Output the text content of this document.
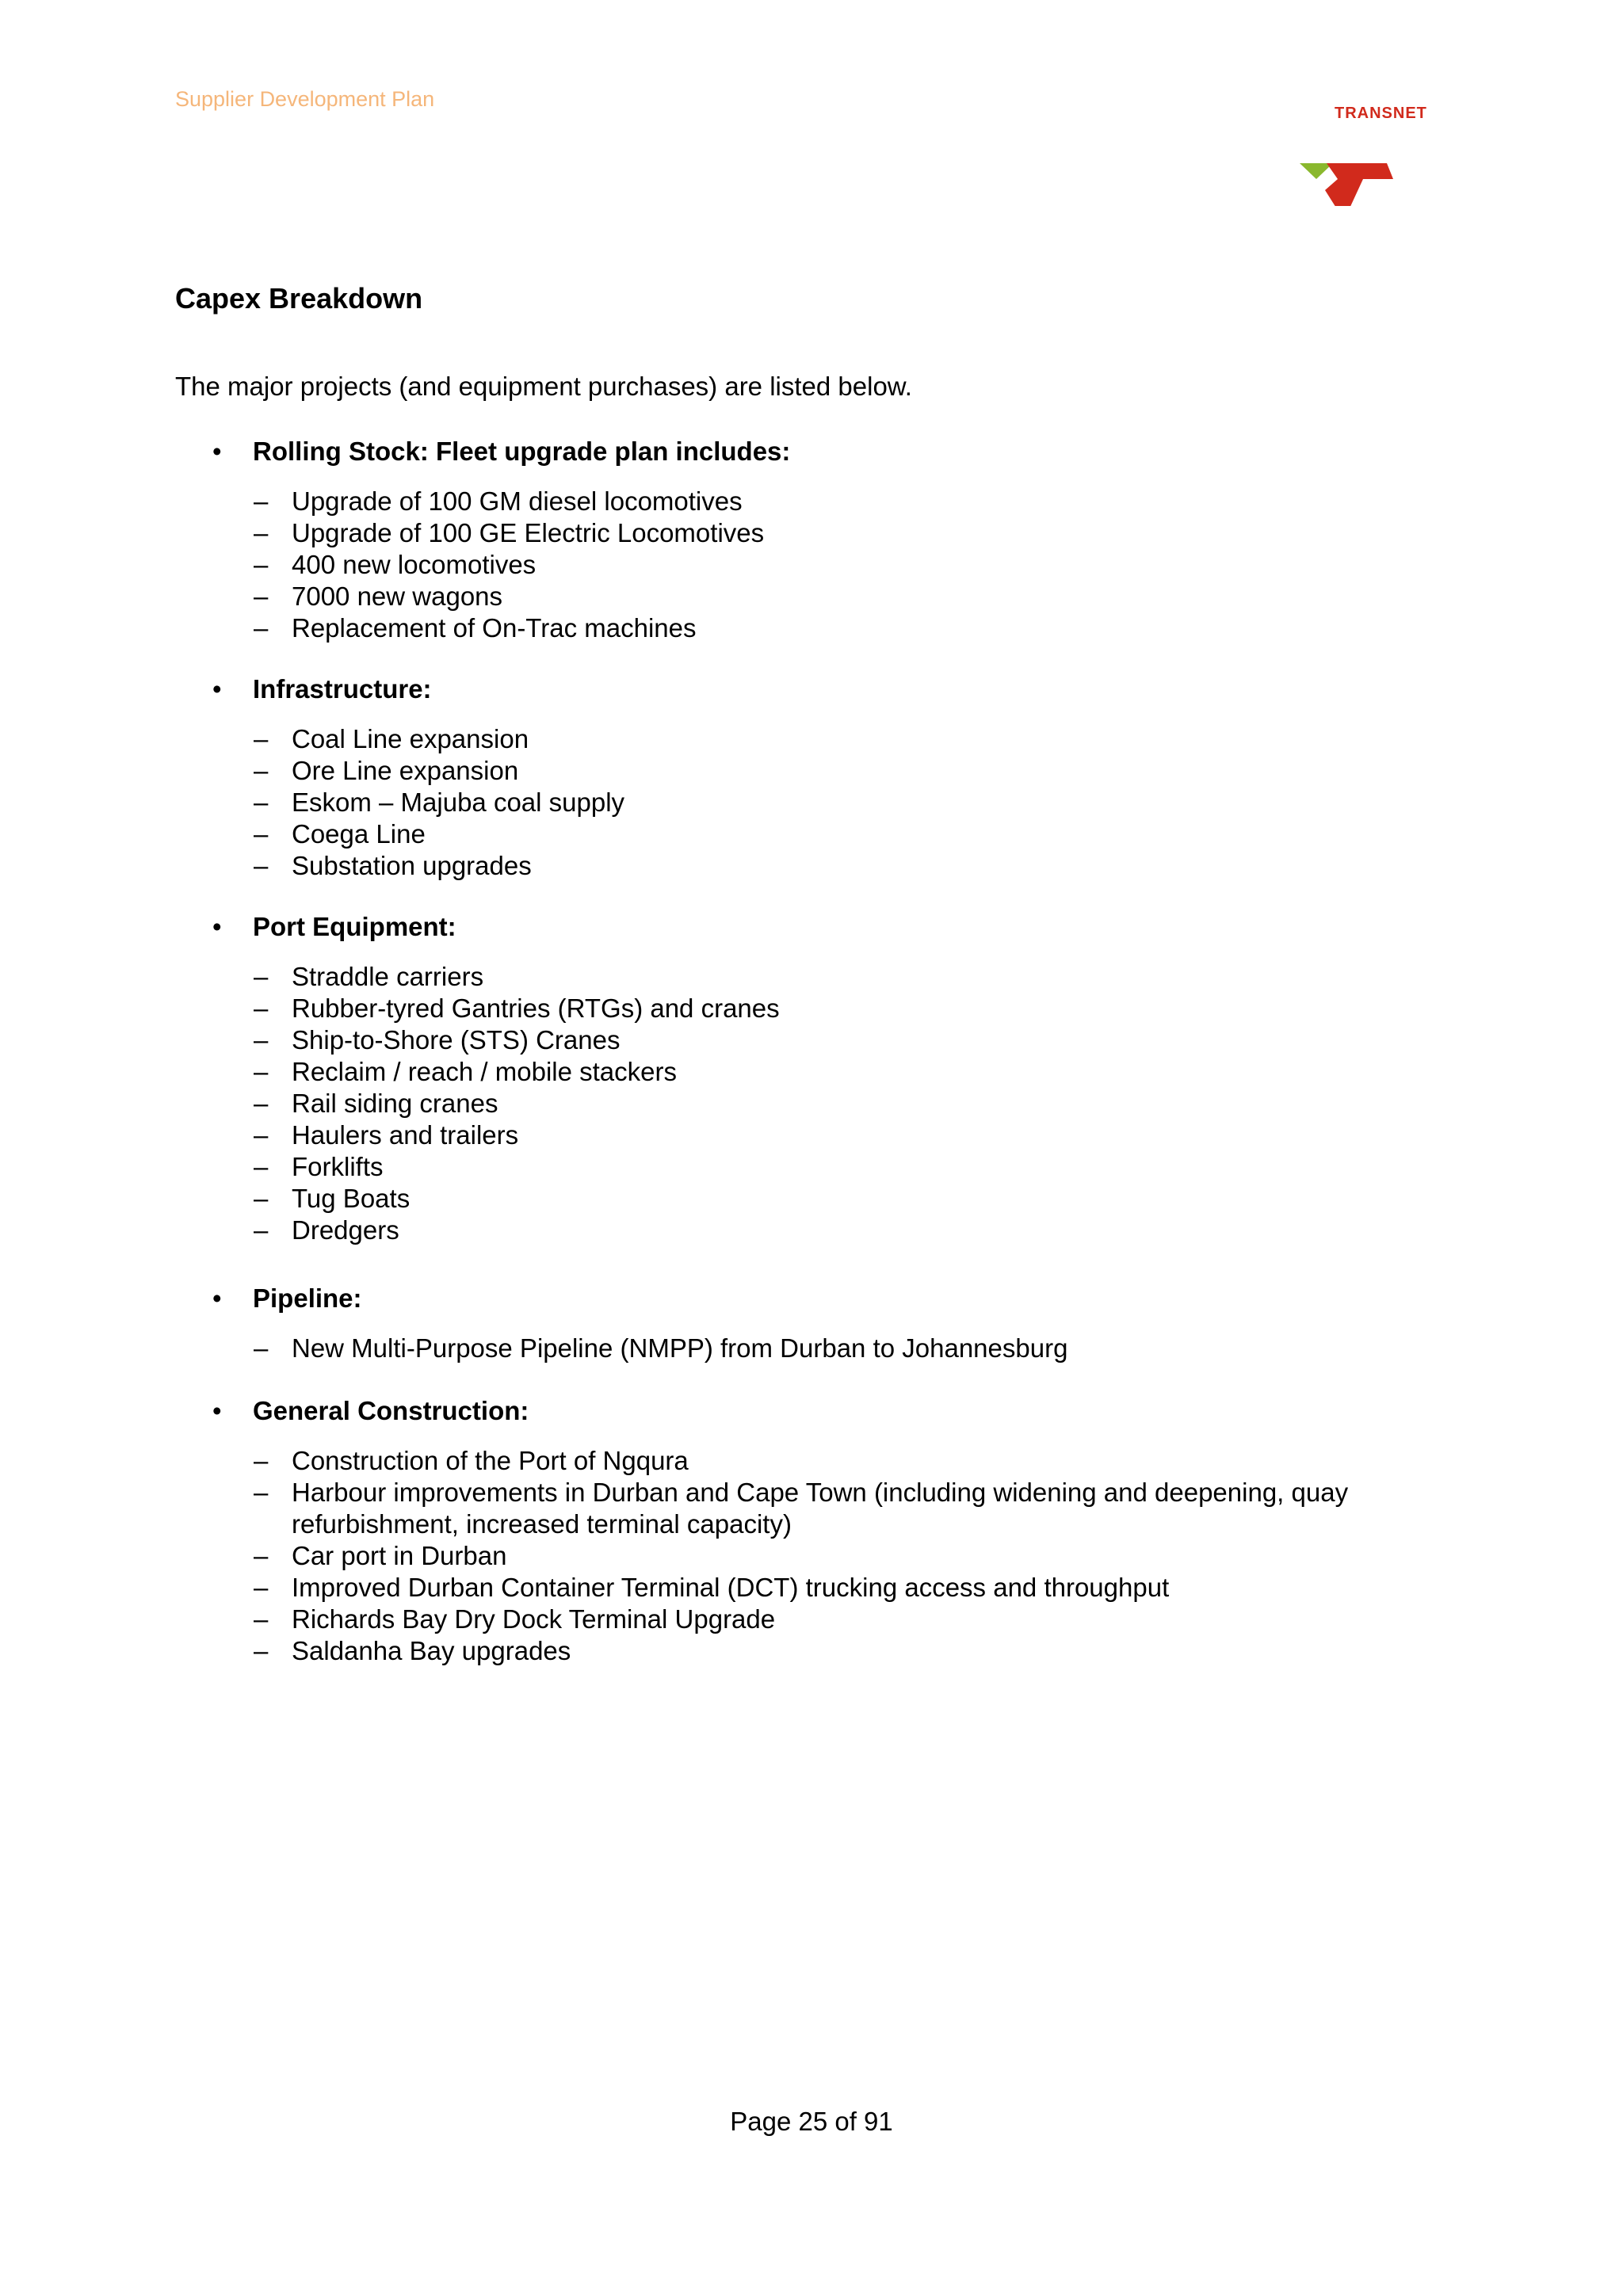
Supplier Development Plan
TRANSNET
Capex Breakdown
The major projects (and equipment purchases) are listed below.
• Rolling Stock: Fleet upgrade plan includes:
– Upgrade of 100 GM diesel locomotives
– Upgrade of 100 GE Electric Locomotives
– 400 new locomotives
– 7000 new wagons
– Replacement of On-Trac machines
• Infrastructure:
– Coal Line expansion
– Ore Line expansion
– Eskom – Majuba coal supply
– Coega Line
– Substation upgrades
• Port Equipment:
– Straddle carriers
– Rubber-tyred Gantries (RTGs) and cranes
– Ship-to-Shore (STS) Cranes
– Reclaim / reach / mobile stackers
– Rail siding cranes
– Haulers and trailers
– Forklifts
– Tug Boats
– Dredgers
• Pipeline:
– New Multi-Purpose Pipeline (NMPP) from Durban to Johannesburg
• General Construction:
– Construction of the Port of Ngqura
– Harbour improvements in Durban and Cape Town (including widening and deepening, quay refurbishment, increased terminal capacity)
– Car port in Durban
– Improved Durban Container Terminal (DCT) trucking access and throughput
– Richards Bay Dry Dock Terminal Upgrade
– Saldanha Bay upgrades
Page 25 of 91
